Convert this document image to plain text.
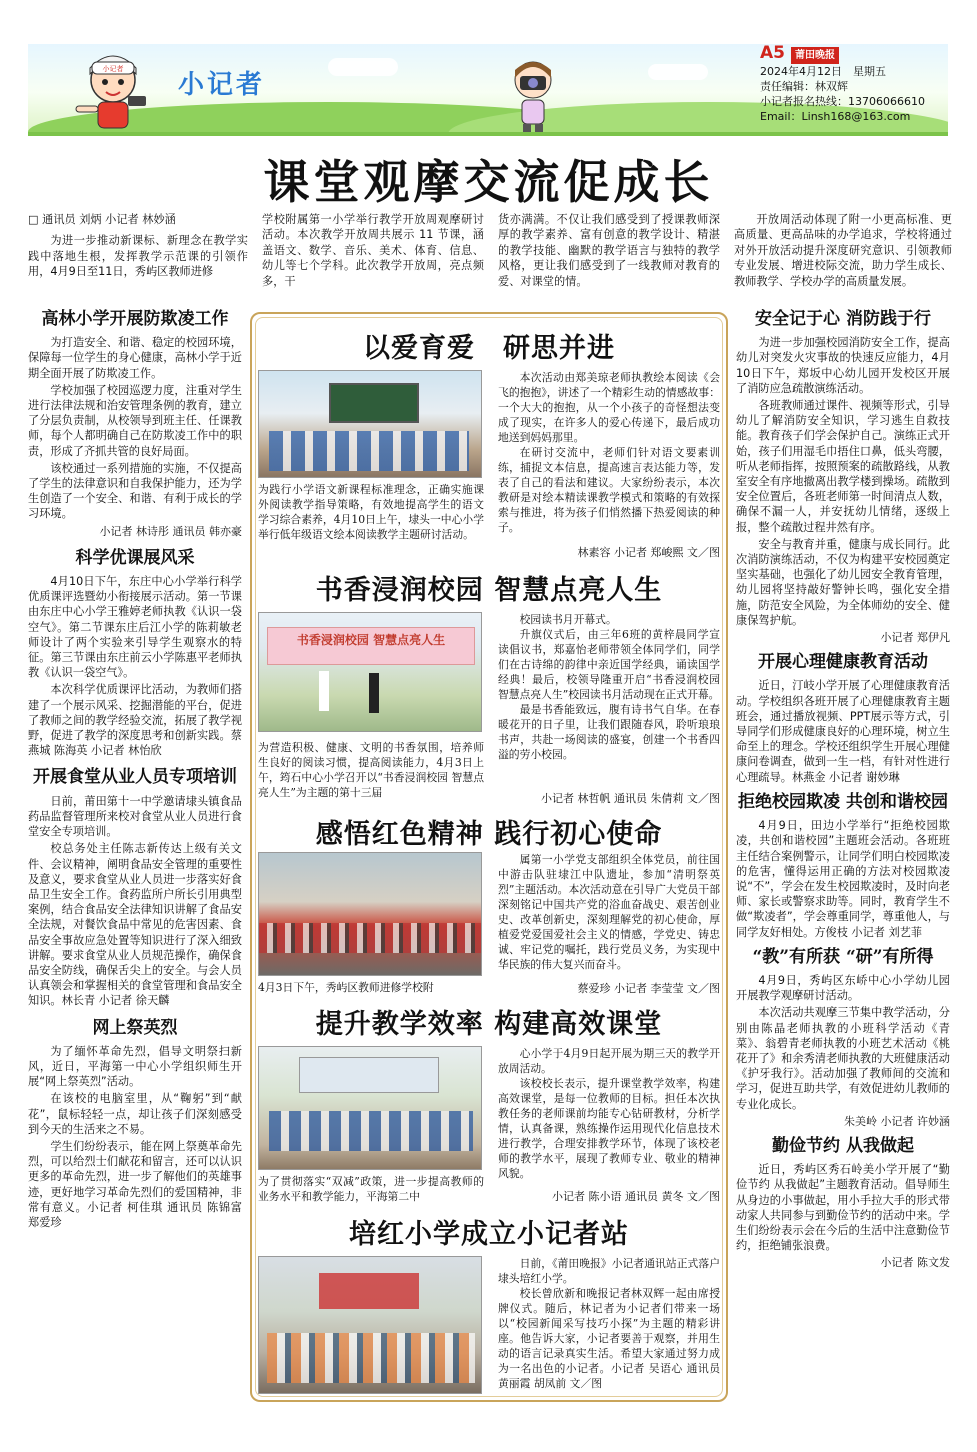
小记者
小记者
A5 莆田晚报
2024年4月12日　星期五
责任编辑：林双辉
小记者报名热线：13706066610
Email：Linsh168@163.com
课堂观摩交流促成长
□ 通讯员 刘炳 小记者 林妙涵
为进一步推动新课标、新理念在教学实践中落地生根，发挥教学示范课的引领作用，4月9日至11日，秀屿区教师进修
学校附属第一小学举行教学开放周观摩研讨活动。本次教学开放周共展示 11 节课，涵盖语文、数学、音乐、美术、体育、信息、幼儿等七个学科。此次教学开放周，亮点频多，干
货亦满满。不仅让我们感受到了授课教师深厚的教学素养、富有创意的教学设计、精湛的教学技能、幽默的教学语言与独特的教学风格，更让我们感受到了一线教师对教育的爱、对课堂的情。
开放周活动体现了附一小更高标准、更高质量、更高品味的办学追求，学校将通过对外开放活动提升深度研究意识、引领教师专业发展、增进校际交流，助力学生成长、教师教学、学校办学的高质量发展。
高林小学开展防欺凌工作

为打造安全、和谐、稳定的校园环境，保障每一位学生的身心健康，高林小学于近期全面开展了防欺凌工作。

学校加强了校园巡逻力度，注重对学生进行法律法规和治安管理条例的教育，建立了分层负责制，从校领导到班主任、任课教师，每个人都明确自己在防欺凌工作中的职责，形成了齐抓共管的良好局面。

该校通过一系列措施的实施，不仅提高了学生的法律意识和自我保护能力，还为学生创造了一个安全、和谐、有利于成长的学习环境。

小记者 林诗彤 通讯员 韩亦豪
科学优课展风采

4月10日下午，东庄中心小学举行科学优质课评选暨幼小衔接展示活动。第一节课由东庄中心小学王雅婷老师执教《认识一袋空气》。第二节课东庄后江小学的陈莉敏老师设计了两个实验来引导学生观察水的特征。第三节课由东庄前云小学陈惠平老师执教《认识一袋空气》。

本次科学优质课评比活动，为教师们搭建了一个展示风采、挖掘潜能的平台，促进了教师之间的教学经验交流，拓展了教学视野，促进了教学的深度思考和创新实践。蔡燕城 陈海英 小记者 林怡欣

开展食堂从业人员专项培训

日前，莆田第十一中学邀请埭头镇食品药品监督管理所来校对食堂从业人员进行食堂安全专项培训。

校总务处主任陈志新传达上级有关文件、会议精神，阐明食品安全管理的重要性及意义，要求食堂从业人员进一步落实好食品卫生安全工作。食药监所户所长引用典型案例，结合食品安全法律知识讲解了食品安全法规，对餐饮食品中常见的危害因素、食品安全事故应急处置等知识进行了深入细致讲解。要求食堂从业人员规范操作，确保食品安全防线，确保舌尖上的安全。与会人员认真领会和掌握相关的食堂管理和食品安全知识。林长青 小记者 徐天麟

网上祭英烈

为了缅怀革命先烈，倡导文明祭扫新风，近日，平海第一中心小学组织师生开展“网上祭英烈”活动。

在该校的电脑室里，从“鞠躬”到“献花”，鼠标轻轻一点，却让孩子们深刻感受到今天的生活来之不易。

学生们纷纷表示，能在网上祭奠革命先烈，可以给烈士们献花和留言，还可以认识更多的革命先烈，进一步了解他们的英雄事迹，更好地学习革命先烈们的爱国精神，非常有意义。小记者 柯佳琪 通讯员 陈锦富 郑爱珍

安全记于心 消防践于行

为进一步加强校园消防安全工作，提高幼儿对突发火灾事故的快速反应能力，4月10日下午，郑坂中心幼儿园开发校区开展了消防应急疏散演练活动。

各班教师通过课件、视频等形式，引导幼儿了解消防安全知识，学习逃生自救技能。教育孩子们学会保护自己。演练正式开始，孩子们用湿毛巾捂住口鼻，低头弯腰，听从老师指挥，按照预案的疏散路线，从教室安全有序地撤离出教学楼到操场。疏散到安全位置后，各班老师第一时间清点人数，确保不漏一人，并安抚幼儿情绪，逐级上报，整个疏散过程井然有序。

安全与教育并重，健康与成长同行。此次消防演练活动，不仅为构建平安校园奠定坚实基础，也强化了幼儿园安全教育管理，幼儿园将坚持敲好警钟长鸣，强化安全措施，防范安全风险，为全体师幼的安全、健康保驾护航。

小记者 郑伊凡
开展心理健康教育活动

近日，汀岐小学开展了心理健康教育活动。学校组织各班开展了心理健康教育主题班会，通过播放视频、PPT展示等方式，引导同学们形成健康良好的心理环境，树立生命至上的理念。学校还组织学生开展心理健康问卷调查，做到一生一档，有针对性进行心理疏导。林燕金 小记者 谢妙琳

拒绝校园欺凌 共创和谐校园

4月9日，田边小学举行“拒绝校园欺凌，共创和谐校园”主题班会活动。各班班主任结合案例警示，让同学们明白校园欺凌的危害，懂得运用正确的方法对校园欺凌说“不”，学会在发生校园欺凌时，及时向老师、家长或警察求助等。同时，教育学生不做“欺凌者”，学会尊重同学，尊重他人，与同学友好相处。方俊枝 小记者 刘艺菲

“教”有所获 “研”有所得

4月9日，秀屿区东峤中心小学幼儿园开展教学观摩研讨活动。

本次活动共观摩三节集中教学活动，分别由陈晶老师执教的小班科学活动《青菜》、翁碧青老师执教的小班艺术活动《桃花开了》和余秀清老师执教的大班健康活动《护牙我行》。活动加强了教师间的交流和学习，促进互助共学，有效促进幼儿教师的专业化成长。

朱美岭 小记者 许妙涵
勤俭节约 从我做起

近日，秀屿区秀石岭美小学开展了“勤俭节约 从我做起”主题教育活动。倡导师生从身边的小事做起，用小手拉大手的形式带动家人共同参与到勤俭节约的活动中来。学生们纷纷表示会在今后的生活中注意勤俭节约，拒绝铺张浪费。

小记者 陈文发
以爱育爱　研思并进
为践行小学语文新课程标准理念，正确实施课外阅读教学指导策略，有效地提高学生的语文学习综合素养，4月10日上午，埭头一中心小学举行低年级语文绘本阅读教学主题研讨活动。

本次活动由郑美琼老师执教绘本阅读《会飞的抱抱》，讲述了一个精彩生动的情感故事：一个大大的抱抱，从一个小孩子的奇怪想法变成了现实，在许多人的爱心传递下，最后成功地送到妈妈那里。

在研讨交流中，老师们针对语文要素训练，捕捉文本信息，提高速言表达能力等，发表了自己的看法和建议。大家纷纷表示，本次教研是对绘本精读课教学模式和策略的有效探索与推进，将为孩子们悄然播下热爱阅读的种子。

林素容 小记者 郑峻熙 文／图
书香浸润校园 智慧点亮人生
书香浸润校园 智慧点亮人生
为营造积极、健康、文明的书香氛围，培养师生良好的阅读习惯，提高阅读能力，4月3日上午，筠石中心小学召开以“书香浸润校园 智慧点亮人生”为主题的第十三届

校园读书月开幕式。

升旗仪式后，由三年6班的黄梓晨同学宣读倡议书，郑嘉怡老师带领全体同学们，同学们在古诗绵的韵律中亲近国学经典，诵读国学经典！最后，校领导隆重开启“书香浸润校园 智慧点亮人生”校园读书月活动现在正式开幕。

最是书香能致远，腹有诗书气自华。在春暖花开的日子里，让我们跟随春风，聆听琅琅书声，共赴一场阅读的盛宴，创建一个书香四溢的劳小校园。

小记者 林哲帆 通讯员 朱倩莉 文／图
感悟红色精神 践行初心使命
4月3日下午，秀屿区教师进修学校附

属第一小学党支部组织全体党员，前往国中游击队驻埭江中队遗址，参加“清明祭英烈”主题活动。本次活动意在引导广大党员干部深刻铭记中国共产党的浴血奋战史、艰苦创业史、改革创新史，深刻理解党的初心使命，厚植爱党爱国爱社会主义的情感，学党史、铸忠诚、牢记党的嘱托，践行党员义务，为实现中华民族的伟大复兴而奋斗。

蔡爱珍 小记者 李莹莹 文／图
提升教学效率 构建高效课堂
为了贯彻落实“双减”政策，进一步提高教师的业务水平和教学能力，平海第二中

心小学于4月9日起开展为期三天的教学开放周活动。

该校校长表示，提升课堂教学效率，构建高效课堂，是每一位教师的目标。担任本次执教任务的老师课前均能专心钻研教材，分析学情，认真备课，熟练操作运用现代化信息技术进行教学，合理安排教学环节，体现了该校老师的教学水平，展现了教师专业、敬业的精神风貌。

小记者 陈小语 通讯员 黄冬 文／图
培红小学成立小记者站

日前，《莆田晚报》小记者通讯站正式落户埭头培红小学。

校长曾欣新和晚报记者林双辉一起由席授牌仪式。随后，林记者为小记者们带来一场以“校园新闻采写技巧小探”为主题的精彩讲座。他告诉大家，小记者要善于观察，并用生动的语言记录真实生活。希望大家通过努力成为一名出色的小记者。小记者 吴语心 通讯员 黄丽霞 胡凤前 文／图
